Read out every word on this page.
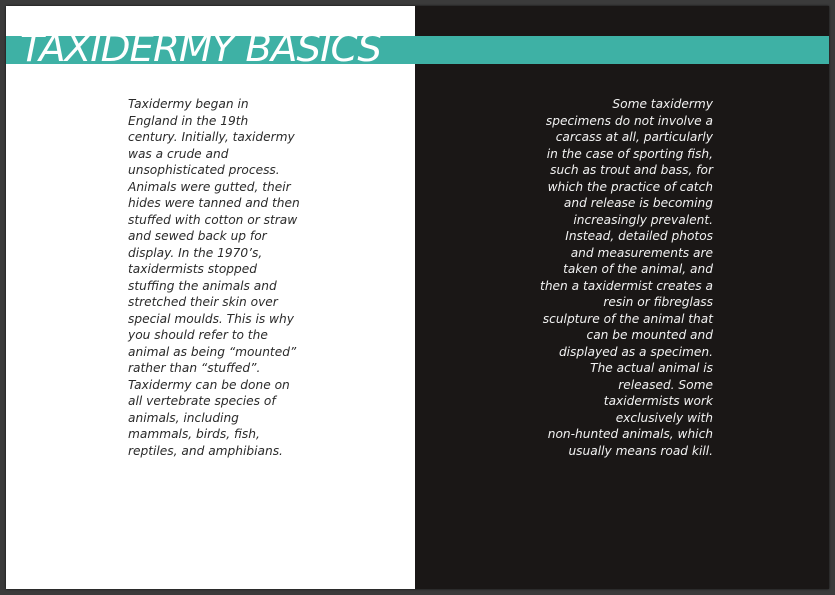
Taxidermy began in
England in the 19th
century. Initially, taxidermy
was a crude and
unsophisticated process.
Animals were gutted, their
hides were tanned and then
stuffed with cotton or straw
and sewed back up for
display. In the 1970’s,
taxidermists stopped
stuffing the animals and
stretched their skin over
special moulds. This is why
you should refer to the
animal as being “mounted”
rather than “stuffed”.
Taxidermy can be done on
all vertebrate species of
animals, including
mammals, birds, fish,
reptiles, and amphibians.
Some taxidermy
specimens do not involve a
carcass at all, particularly
in the case of sporting fish,
such as trout and bass, for
which the practice of catch
and release is becoming
increasingly prevalent.
Instead, detailed photos
and measurements are
taken of the animal, and
then a taxidermist creates a
resin or fibreglass
sculpture of the animal that
can be mounted and
displayed as a specimen.
The actual animal is
released. Some
taxidermists work
exclusively with
non-hunted animals, which
usually means road kill.
TAXIDERMY BASICS
